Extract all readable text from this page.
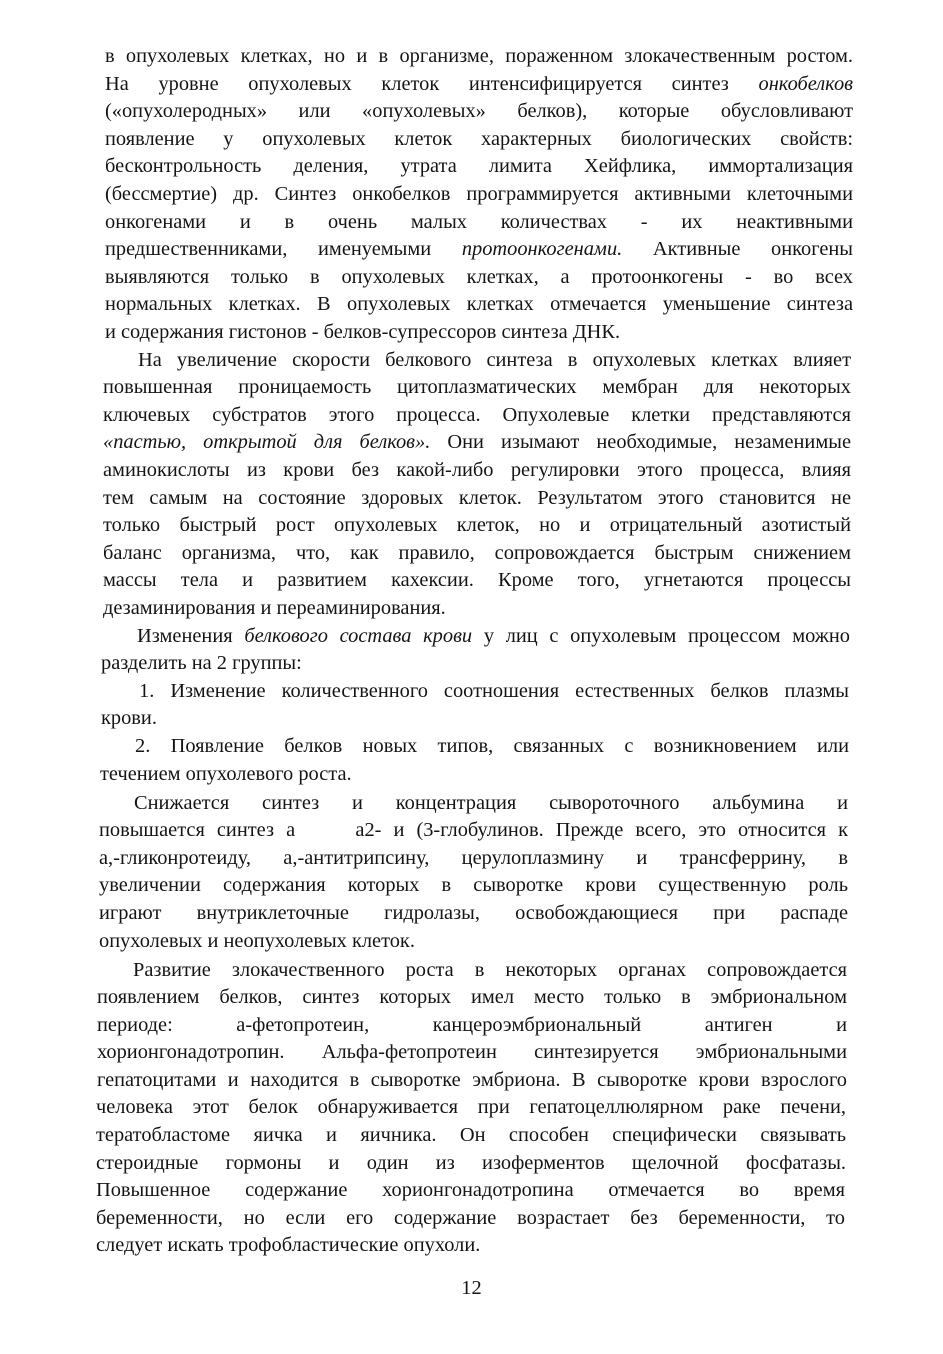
в опухолевых клетках, но и в организме, пораженном злокачественным ростом.
На уровне опухолевых клеток интенсифицируется синтез онкобелков
(«опухолеродных» или «опухолевых» белков), которые обусловливают
появление у опухолевых клеток характерных биологических свойств:
бесконтрольность деления, утрата лимита Хейфлика, иммортализация
(бессмертие) др. Синтез онкобелков программируется активными клеточными
онкогенами и в очень малых количествах - их неактивными
предшественниками, именуемыми протоонкогенами. Активные онкогены
выявляются только в опухолевых клетках, а протоонкогены - во всех
нормальных клетках. В опухолевых клетках отмечается уменьшение синтеза
и содержания гистонов - белков-супрессоров синтеза ДНК.
На увеличение скорости белкового синтеза в опухолевых клетках влияет
повышенная проницаемость цитоплазматических мембран для некоторых
ключевых субстратов этого процесса. Опухолевые клетки представляются
«пастью, открытой для белков». Они изымают необходимые, незаменимые
аминокислоты из крови без какой-либо регулировки этого процесса, влияя
тем самым на состояние здоровых клеток. Результатом этого становится не
только быстрый рост опухолевых клеток, но и отрицательный азотистый
баланс организма, что, как правило, сопровождается быстрым снижением
массы тела и развитием кахексии. Кроме того, угнетаются процессы
дезаминирования и переаминирования.
Изменения белкового состава крови у лиц с опухолевым процессом можно
разделить на 2 группы:
1. Изменение количественного соотношения естественных белков плазмы
крови.
2. Появление белков новых типов, связанных с возникновением или
течением опухолевого роста.
Снижается синтез и концентрация сывороточного альбумина и
повышается синтез а     а2- и (3-глобулинов. Прежде всего, это относится к
а,-гликонротеиду, а,-антитрипсину, церулоплазмину и трансферрину, в
увеличении содержания которых в сыворотке крови существенную роль
играют внутриклеточные гидролазы, освобождающиеся при распаде
опухолевых и неопухолевых клеток.
Развитие злокачественного роста в некоторых органах сопровождается
появлением белков, синтез которых имел место только в эмбриональном
периоде: а-фетопротеин, канцероэмбриональный антиген и
хорионгонадотропин. Альфа-фетопротеин синтезируется эмбриональными
гепатоцитами и находится в сыворотке эмбриона. В сыворотке крови взрослого
человека этот белок обнаруживается при гепатоцеллюлярном раке печени,
тератобластоме яичка и яичника. Он способен специфически связывать
стероидные гормоны и один из изоферментов щелочной фосфатазы.
Повышенное содержание хорионгонадотропина отмечается во время
беременности, но если его содержание возрастает без беременности, то
следует искать трофобластические опухоли.
12
